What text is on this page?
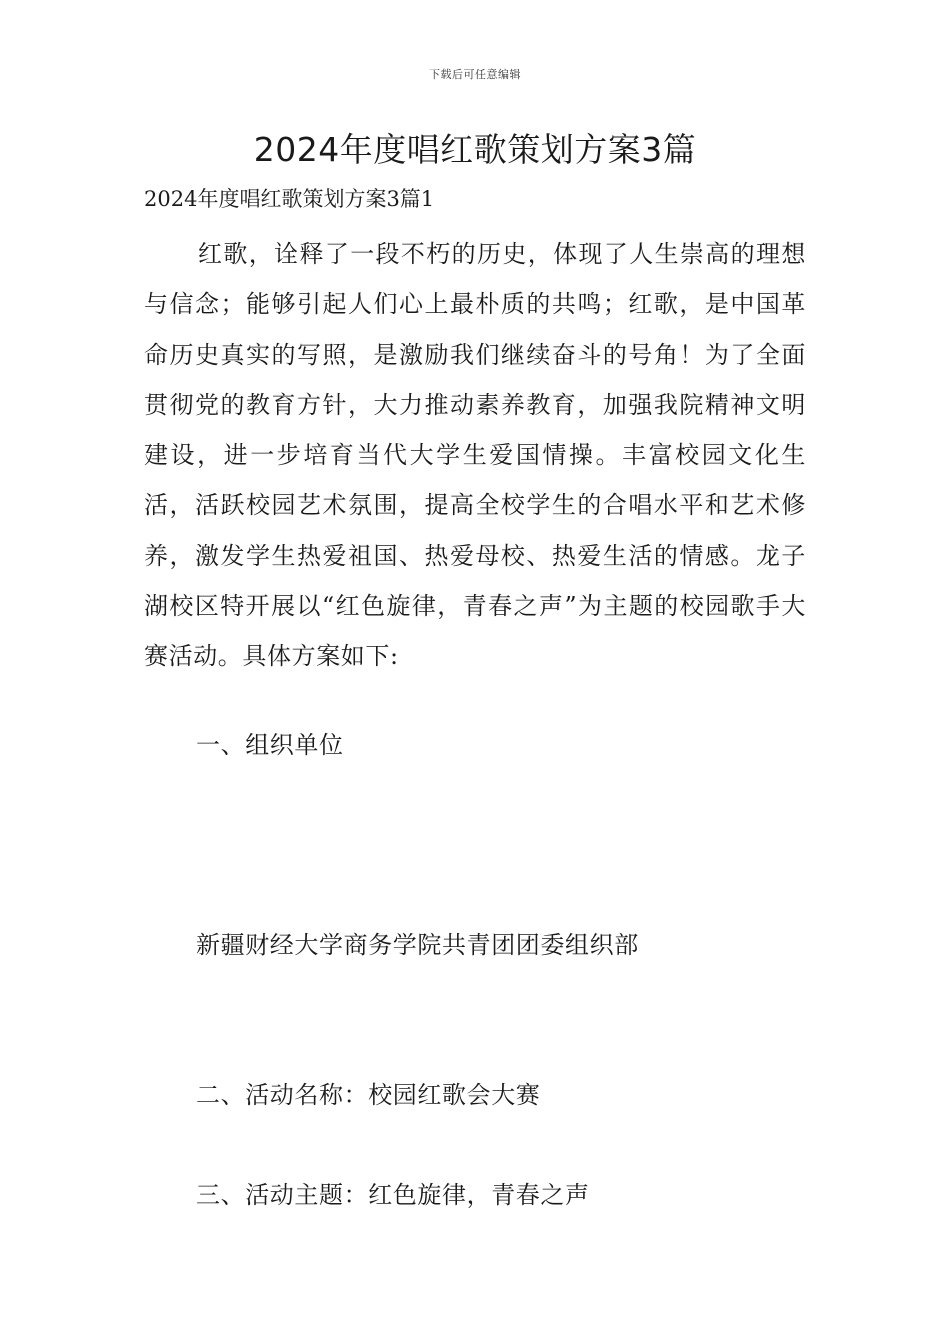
下载后可任意编辑
2024年度唱红歌策划方案3篇

2024年度唱红歌策划方案3篇1

红歌，诠释了一段不朽的历史，体现了人生崇高的理想与信念；能够引起人们心上最朴质的共鸣；红歌，是中国革命历史真实的写照，是激励我们继续奋斗的号角！为了全面贯彻党的教育方针，大力推动素养教育，加强我院精神文明建设，进一步培育当代大学生爱国情操。丰富校园文化生活，活跃校园艺术氛围，提高全校学生的合唱水平和艺术修养，激发学生热爱祖国、热爱母校、热爱生活的情感。龙子湖校区特开展以“红色旋律，青春之声”为主题的校园歌手大赛活动。具体方案如下:

一、组织单位

新疆财经大学商务学院共青团团委组织部

二、活动名称：校园红歌会大赛

三、活动主题：红色旋律，青春之声
